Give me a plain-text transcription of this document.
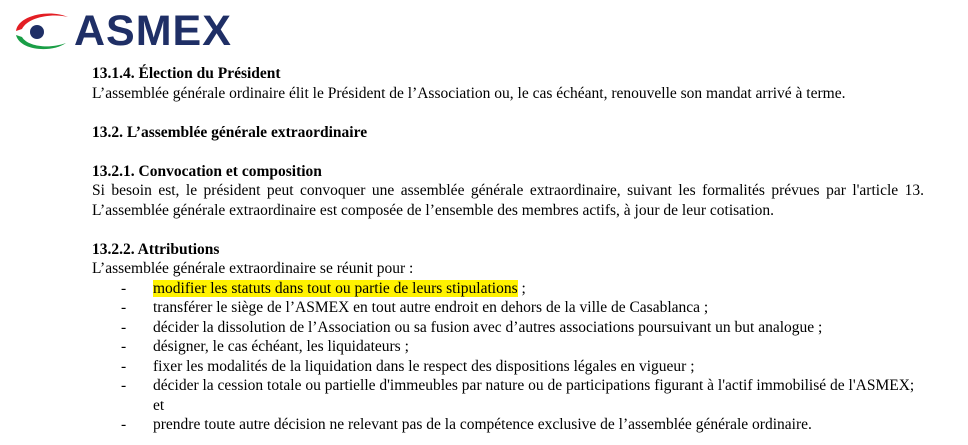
ASMEX
13.1.4. Élection du Président
L’assemblée générale ordinaire élit le Président de l’Association ou, le cas échéant, renouvelle son mandat arrivé à terme.
13.2. L’assemblée générale extraordinaire
13.2.1. Convocation et composition
Si besoin est, le président peut convoquer une assemblée générale extraordinaire, suivant les formalités prévues par l'article 13. L’assemblée générale extraordinaire est composée de l’ensemble des membres actifs, à jour de leur cotisation.
13.2.2. Attributions
L’assemblée générale extraordinaire se réunit pour :
- modifier les statuts dans tout ou partie de leurs stipulations ;
- transférer le siège de l’ASMEX en tout autre endroit en dehors de la ville de Casablanca ;
- décider la dissolution de l’Association ou sa fusion avec d’autres associations poursuivant un but analogue ;
- désigner, le cas échéant, les liquidateurs ;
- fixer les modalités de la liquidation dans le respect des dispositions légales en vigueur ;
- décider la cession totale ou partielle d'immeubles par nature ou de participations figurant à l'actif immobilisé de l'ASMEX; et
- prendre toute autre décision ne relevant pas de la compétence exclusive de l’assemblée générale ordinaire.
